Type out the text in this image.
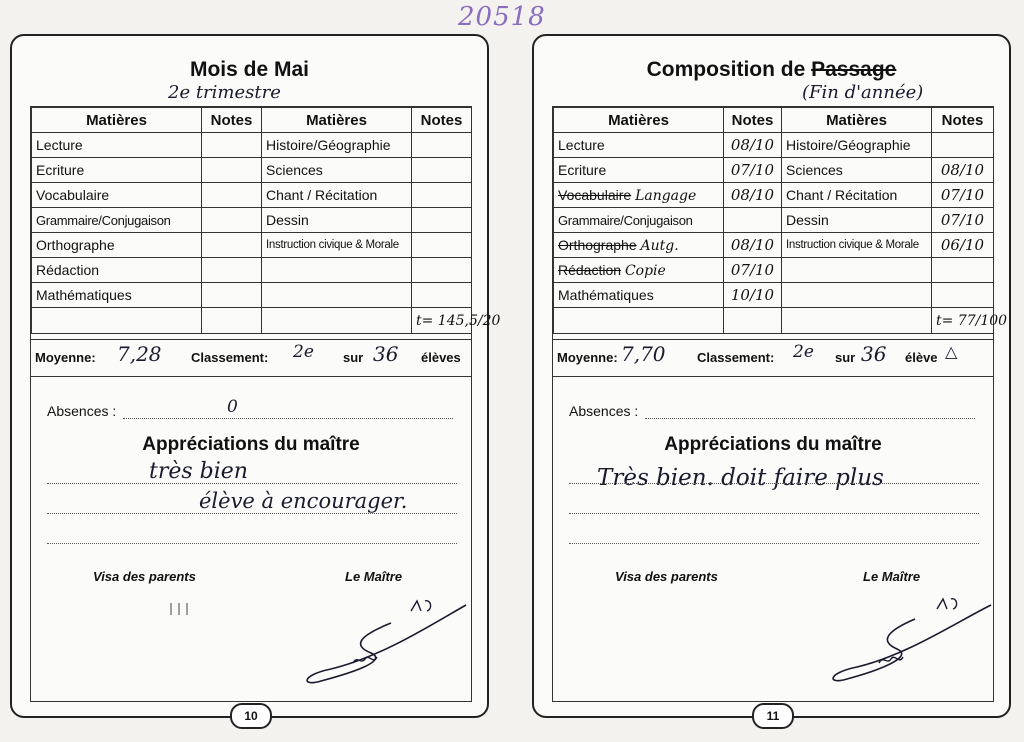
20518
Mois de Mai
2e trimestre
Matières	Notes	Matières	Notes
Lecture		Histoire/Géographie	
Ecriture		Sciences	
Vocabulaire		Chant / Récitation	
Grammaire/Conjugaison		Dessin	
Orthographe		Instruction civique & Morale	
Rédaction			
Mathématiques			
			t= 145,5/20
Moyenne: 7,28 Classement: 2e sur 36 élèves
Absences :	0
Appréciations du maître
très bien
élève à encourager.
Visa des parents	Le Maître
10
Composition de Passage
(Fin d'année)
Matières	Notes	Matières	Notes
Lecture	08/10	Histoire/Géographie	
Ecriture	07/10	Sciences	08/10
Vocabulaire Langage	08/10	Chant / Récitation	07/10
Grammaire/Conjugaison		Dessin	07/10
Orthographe Autg.	08/10	Instruction civique & Morale	06/10
Rédaction Copie	07/10		
Mathématiques	10/10		
			t= 77/100
Moyenne: 7,70 Classement: 2e sur 36 élève △
Absences :
Appréciations du maître
Très bien. doit faire plus
Visa des parents	Le Maître
11
